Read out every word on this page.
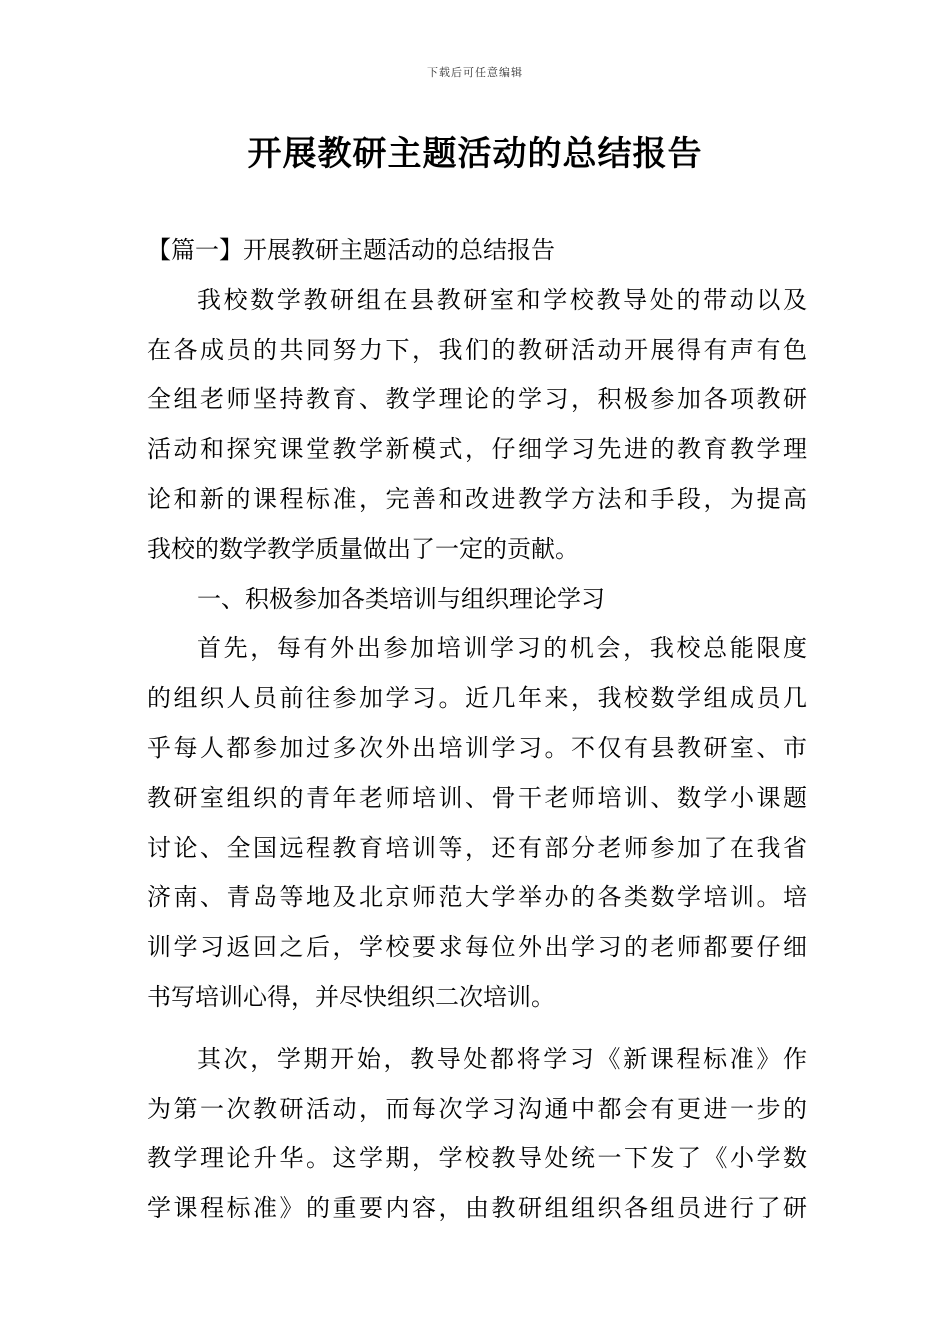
下载后可任意编辑
开展教研主题活动的总结报告
【篇一】开展教研主题活动的总结报告
我校数学教研组在县教研室和学校教导处的带动以及
在各成员的共同努力下，我们的教研活动开展得有声有色
全组老师坚持教育、教学理论的学习，积极参加各项教研
活动和探究课堂教学新模式，仔细学习先进的教育教学理
论和新的课程标准，完善和改进教学方法和手段，为提高
我校的数学教学质量做出了一定的贡献。
一、积极参加各类培训与组织理论学习
首先，每有外出参加培训学习的机会，我校总能限度
的组织人员前往参加学习。近几年来，我校数学组成员几
乎每人都参加过多次外出培训学习。不仅有县教研室、市
教研室组织的青年老师培训、骨干老师培训、数学小课题
讨论、全国远程教育培训等，还有部分老师参加了在我省
济南、青岛等地及北京师范大学举办的各类数学培训。培
训学习返回之后，学校要求每位外出学习的老师都要仔细
书写培训心得，并尽快组织二次培训。
其次，学期开始，教导处都将学习《新课程标准》作
为第一次教研活动，而每次学习沟通中都会有更进一步的
教学理论升华。这学期，学校教导处统一下发了《小学数
学课程标准》的重要内容，由教研组组织各组员进行了研
